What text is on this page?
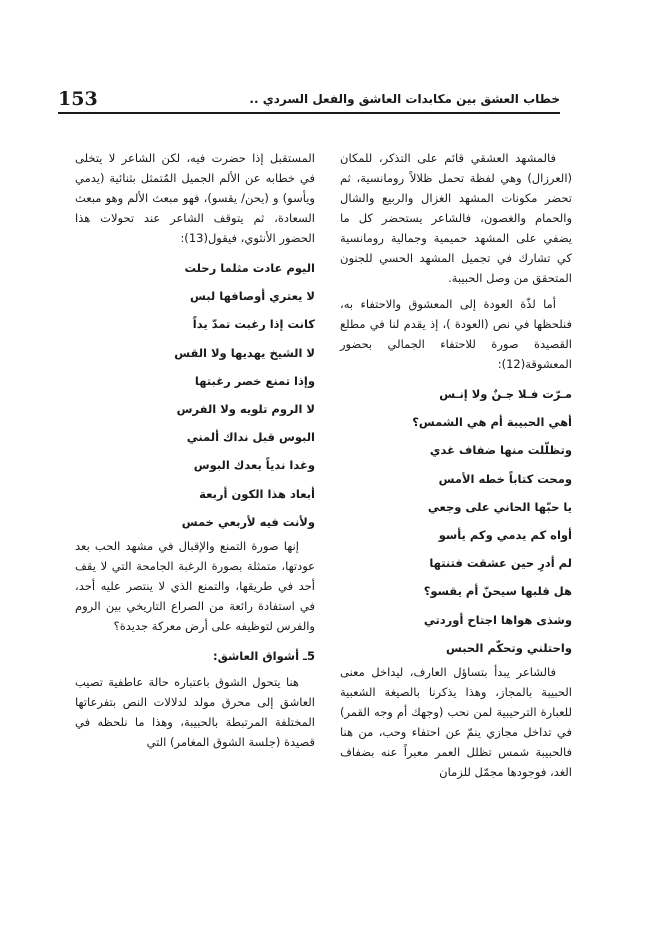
153	خطاب العشق بين مكابدات العاشق والفعل السردي ..

فالمشهد العشقي قائم على التذكر، للمكان (العرزال) وهي لفظة تحمل ظلالاً رومانسية، ثم تحضر مكونات المشهد الغزال والربيع والشال والحمام والغصون، فالشاعر يستحضر كل ما يضفي على المشهد حميمية وجمالية رومانسية كي تشارك في تجميل المشهد الحسي للجنون المتحقق من وصل الحبيبة.

أما لذّة العودة إلى المعشوق والاحتفاء به، فنلحظها في نص (العودة )، إذ يقدم لنا في مطلع القصيدة صورة للاحتفاء الجمالي بحضور المعشوقة(12):

مـرّت فـلا جـنٌ ولا إنـس
أهي الحبيبة أم هي الشمس؟
وتظلّلت منها ضفاف غدي
ومحت كتاباً خطه الأمس
يا حبّها الحاني على وجعي
أواه كم يدمي وكم يأسو
لم أدرِ حين عشقت فتنتها
هل قلبها سيحنّ أم يقسو؟
وشذى هواها اجتاح أوردتي
واحتلني وتحكّم الحبس

فالشاعر يبدأ بتساؤل العارف، ليداخل معنى الحبيبة بالمجاز، وهذا يذكرنا بالصيغة الشعبية للعبارة الترحيبية لمن نحب (وجهك أم وجه القمر) في تداخل مجازي ينمّ عن احتفاء وحب، من هنا فالحبيبة شمس تظلل العمر معبراً عنه بضفاف الغد، فوجودها مجمّل للزمان

المستقبل إذا حضرت فيه، لكن الشاعر لا يتخلى في خطابه عن الألم الجميل المُتمثل بثنائية (يدمي ويأسو) و (يحن/ يقسو)، فهو مبعث الألم وهو مبعث السعادة، ثم يتوقف الشاعر عند تحولات هذا الحضور الأنثوي، فيقول(13):

اليوم عادت مثلما رحلت
لا يعتري أوصافها لبس
كانت إذا رغبت تمدّ يداً
لا الشيخ يهديها ولا القس
وإذا تمنع خصر رغبتها
لا الروم تلويه ولا الفرس
البوس قبل نداك ألمني
وغدا ندياً بعدك البوس
أبعاد هذا الكون أربعة
ولأنت فيه لأربعي خمس

إنها صورة التمنع والإقبال في مشهد الحب بعد عودتها، متمثلة بصورة الرغبة الجامحة التي لا يقف أحد في طريقها، والتمنع الذي لا ينتصر عليه أحد، في استفادة رائعة من الصراع التاريخي بين الروم والفرس لتوظيفه على أرض معركة جديدة؟

5ـ أشواق العاشق:

هنا يتحول الشوق باعتباره حالة عاطفية تصيب العاشق إلى محرق مولد لدلالات النص بتفرعاتها المختلفة المرتبطة بالحبيبة، وهذا ما نلحظه في قصيدة (جلسة الشوق المغامر) التي
